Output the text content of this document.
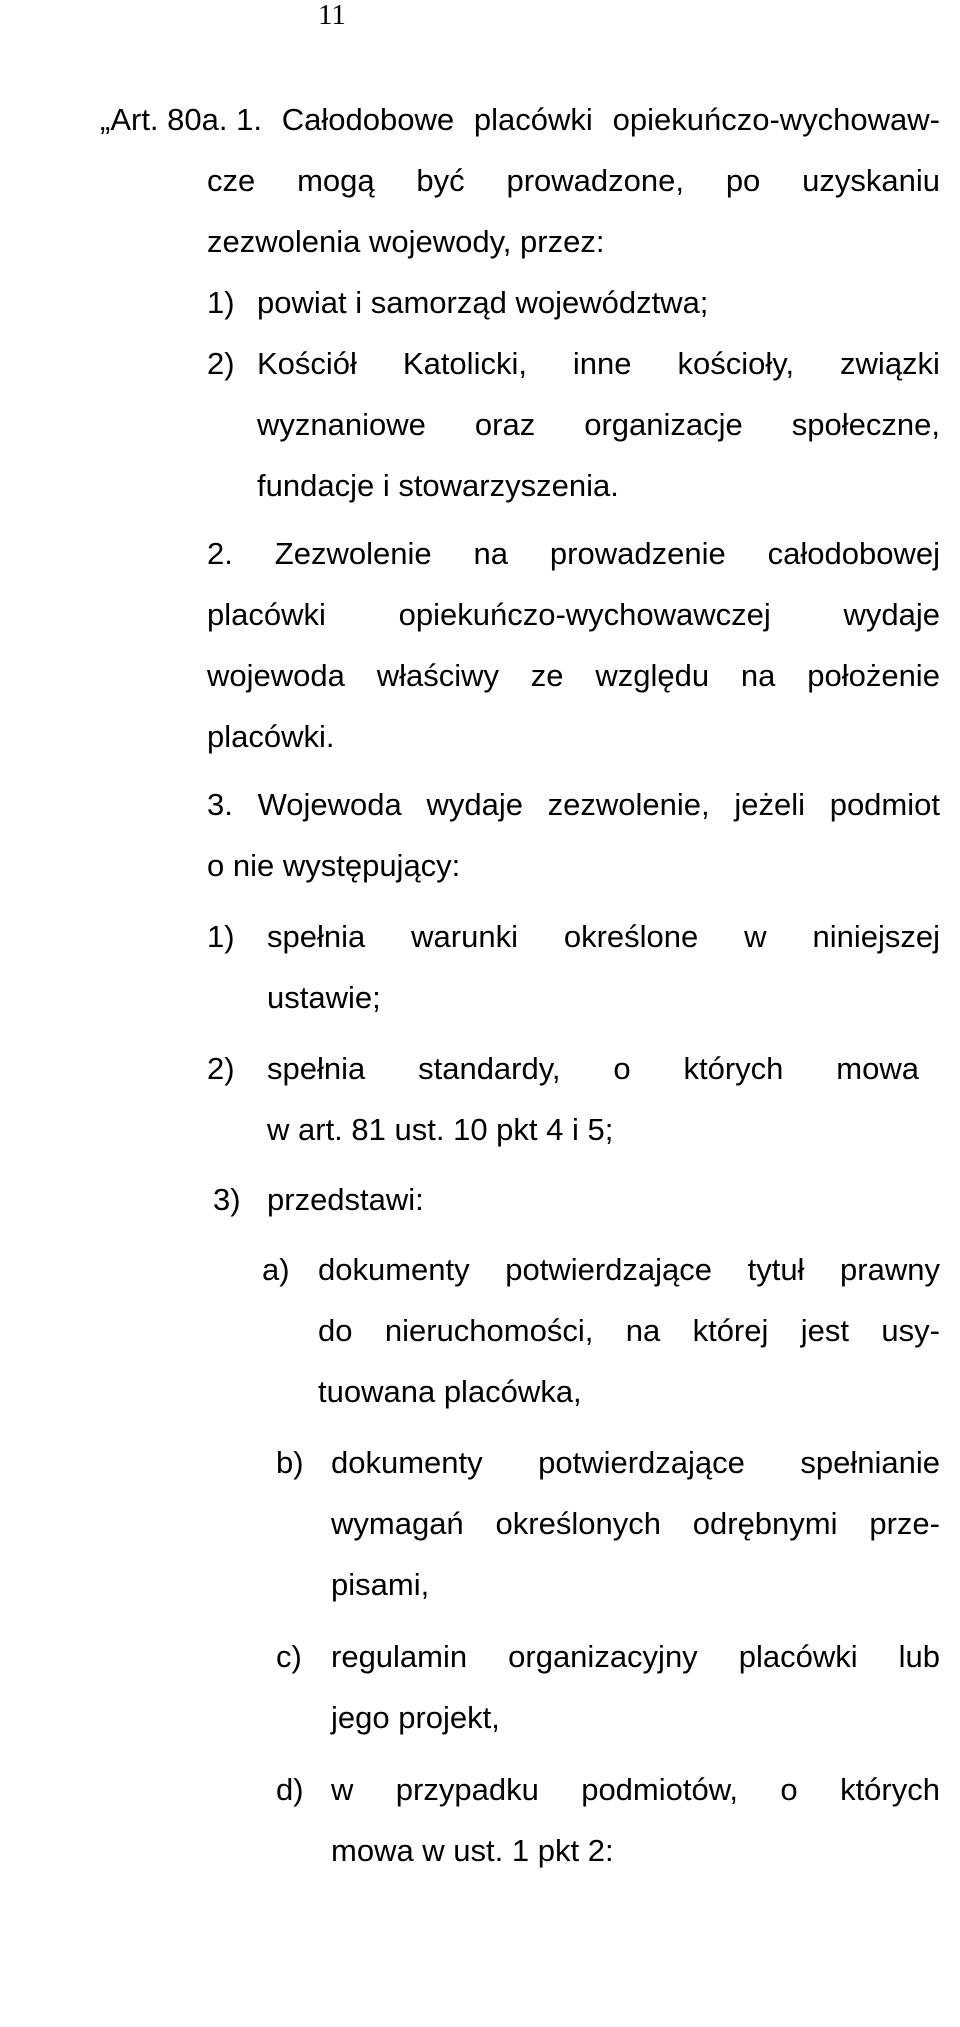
11
„Art. 80a. 1. Całodobowe placówki opiekuńczo-wychowaw-
cze mogą być prowadzone, po uzyskaniu
zezwolenia wojewody, przez:
1) powiat i samorząd województwa;
2) Kościół Katolicki, inne kościoły, związki
wyznaniowe oraz organizacje społeczne,
fundacje i stowarzyszenia.
2. Zezwolenie na prowadzenie całodobowej
placówki opiekuńczo-wychowawczej wydaje
wojewoda właściwy ze względu na położenie
placówki.
3. Wojewoda wydaje zezwolenie, jeżeli podmiot
o nie występujący:
1) spełnia warunki określone w niniejszej
ustawie;
2) spełnia standardy, o których mowa
w art. 81 ust. 10 pkt 4 i 5;
3) przedstawi:
a) dokumenty potwierdzające tytuł prawny
do nieruchomości, na której jest usy-
tuowana placówka,
b) dokumenty potwierdzające spełnianie
wymagań określonych odrębnymi prze-
pisami,
c) regulamin organizacyjny placówki lub
jego projekt,
d) w przypadku podmiotów, o których
mowa w ust. 1 pkt 2:
